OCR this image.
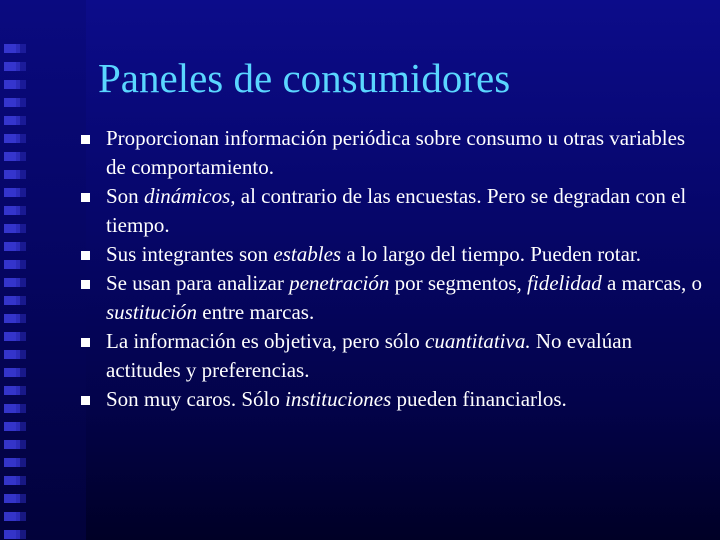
Paneles de consumidores
Proporcionan información periódica sobre consumo u otras variables de comportamiento.
Son dinámicos, al contrario de las encuestas. Pero se degradan con el tiempo.
Sus integrantes son estables a lo largo del tiempo. Pueden rotar.
Se usan para analizar penetración por segmentos, fidelidad a marcas, o sustitución entre marcas.
La información es objetiva, pero sólo cuantitativa. No evalúan actitudes y preferencias.
Son muy caros. Sólo instituciones pueden financiarlos.
